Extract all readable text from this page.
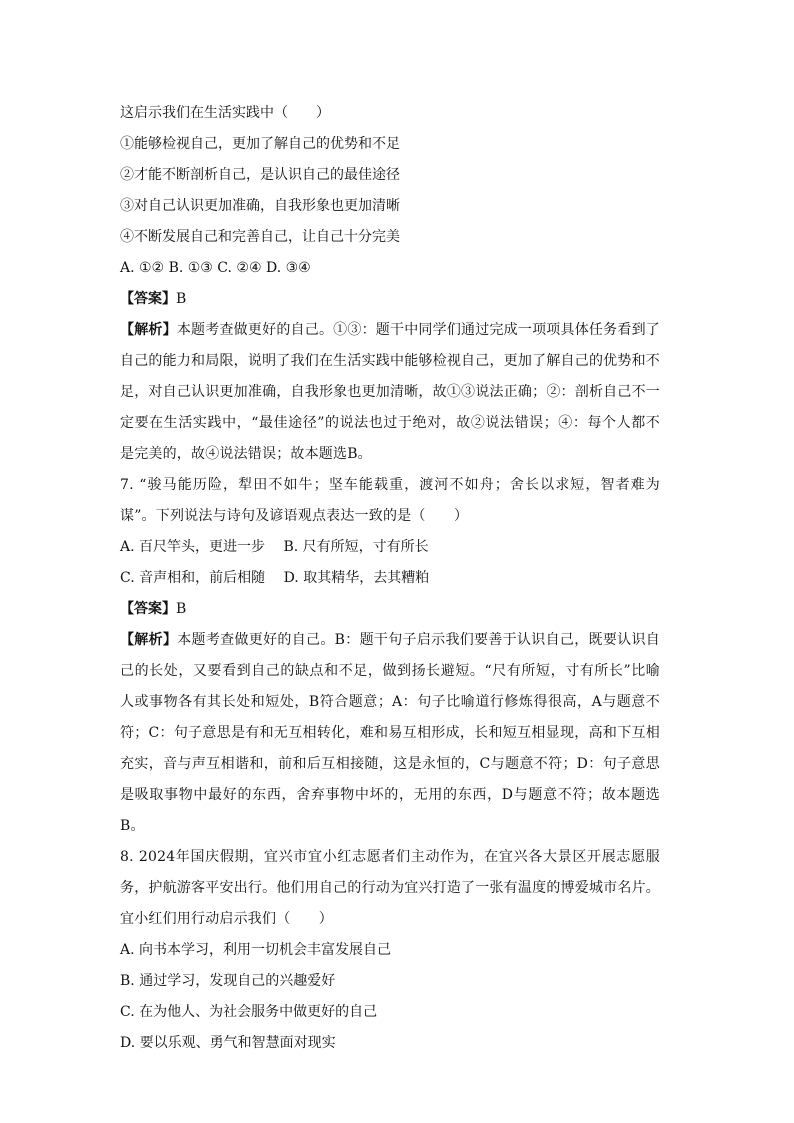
这启示我们在生活实践中（　　）
①能够检视自己，更加了解自己的优势和不足
②才能不断剖析自己，是认识自己的最佳途径
③对自己认识更加准确，自我形象也更加清晰
④不断发展自己和完善自己，让自己十分完美
A. ①② B. ①③ C. ②④ D. ③④
【答案】B
【解析】本题考查做更好的自己。①③：题干中同学们通过完成一项项具体任务看到了自己的能力和局限，说明了我们在生活实践中能够检视自己，更加了解自己的优势和不足，对自己认识更加准确，自我形象也更加清晰，故①③说法正确；②：剖析自己不一定要在生活实践中，“最佳途径”的说法也过于绝对，故②说法错误；④：每个人都不是完美的，故④说法错误；故本题选B。
7. “骏马能历险，犁田不如牛；坚车能载重，渡河不如舟；舍长以求短，智者难为谋”。下列说法与诗句及谚语观点表达一致的是（　　）
A. 百尺竿头，更进一步　 B. 尺有所短，寸有所长
C. 音声相和，前后相随　 D. 取其精华，去其糟粕
【答案】B
【解析】本题考查做更好的自己。B：题干句子启示我们要善于认识自己，既要认识自己的长处，又要看到自己的缺点和不足，做到扬长避短。“尺有所短，寸有所长”比喻人或事物各有其长处和短处，B符合题意；A：句子比喻道行修炼得很高，A与题意不符；C：句子意思是有和无互相转化，难和易互相形成，长和短互相显现，高和下互相充实，音与声互相谐和，前和后互相接随，这是永恒的，C与题意不符；D：句子意思是吸取事物中最好的东西，舍弃事物中坏的，无用的东西，D与题意不符；故本题选B。
8. 2024年国庆假期，宜兴市宜小红志愿者们主动作为，在宜兴各大景区开展志愿服务，护航游客平安出行。他们用自己的行动为宜兴打造了一张有温度的博爱城市名片。宜小红们用行动启示我们（　　）
A. 向书本学习，利用一切机会丰富发展自己
B. 通过学习，发现自己的兴趣爱好
C. 在为他人、为社会服务中做更好的自己
D. 要以乐观、勇气和智慧面对现实
